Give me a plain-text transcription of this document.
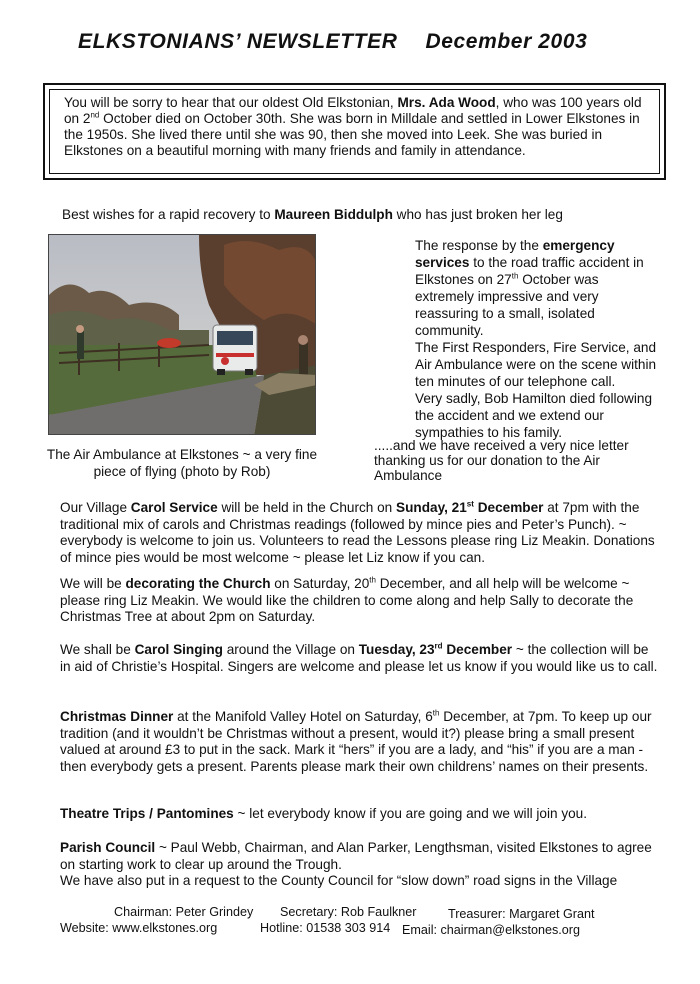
ELKSTONIANS’ NEWSLETTER December 2003
You will be sorry to hear that our oldest Old Elkstonian, Mrs. Ada Wood, who was 100 years old on 2nd October died on October 30th. She was born in Milldale and settled in Lower Elkstones in the 1950s. She lived there until she was 90, then she moved into Leek. She was buried in Elkstones on a beautiful morning with many friends and family in attendance.
Best wishes for a rapid recovery to Maureen Biddulph who has just broken her leg
The Air Ambulance at Elkstones ~ a very fine piece of flying (photo by Rob)
The response by the emergency services to the road traffic accident in Elkstones on 27th October was extremely impressive and very reassuring to a small, isolated community.
The First Responders, Fire Service, and Air Ambulance were on the scene within ten minutes of our telephone call.
Very sadly, Bob Hamilton died following the accident and we extend our sympathies to his family.
.....and we have received a very nice letter thanking us for our donation to the Air Ambulance
Our Village Carol Service will be held in the Church on Sunday, 21st December at 7pm with the traditional mix of carols and Christmas readings (followed by mince pies and Peter’s Punch). ~ everybody is welcome to join us. Volunteers to read the Lessons please ring Liz Meakin. Donations of mince pies would be most welcome ~ please let Liz know if you can.
We will be decorating the Church on Saturday, 20th December, and all help will be welcome ~ please ring Liz Meakin. We would like the children to come along and help Sally to decorate the Christmas Tree at about 2pm on Saturday.
We shall be Carol Singing around the Village on Tuesday, 23rd December ~ the collection will be in aid of Christie’s Hospital. Singers are welcome and please let us know if you would like us to call.
Christmas Dinner at the Manifold Valley Hotel on Saturday, 6th December, at 7pm. To keep up our tradition (and it wouldn’t be Christmas without a present, would it?) please bring a small present valued at around £3 to put in the sack. Mark it “hers” if you are a lady, and “his” if you are a man - then everybody gets a present. Parents please mark their own childrens’ names on their presents.
Theatre Trips / Pantomines ~ let everybody know if you are going and we will join you.
Parish Council ~ Paul Webb, Chairman, and Alan Parker, Lengthsman, visited Elkstones to agree on starting work to clear up around the Trough.
We have also put in a request to the County Council for “slow down” road signs in the Village
Chairman: Peter Grindey Secretary: Rob Faulkner	Treasurer: Margaret Grant
Website: www.elkstones.org	Hotline: 01538 303 914 Email: chairman@elkstones.org
